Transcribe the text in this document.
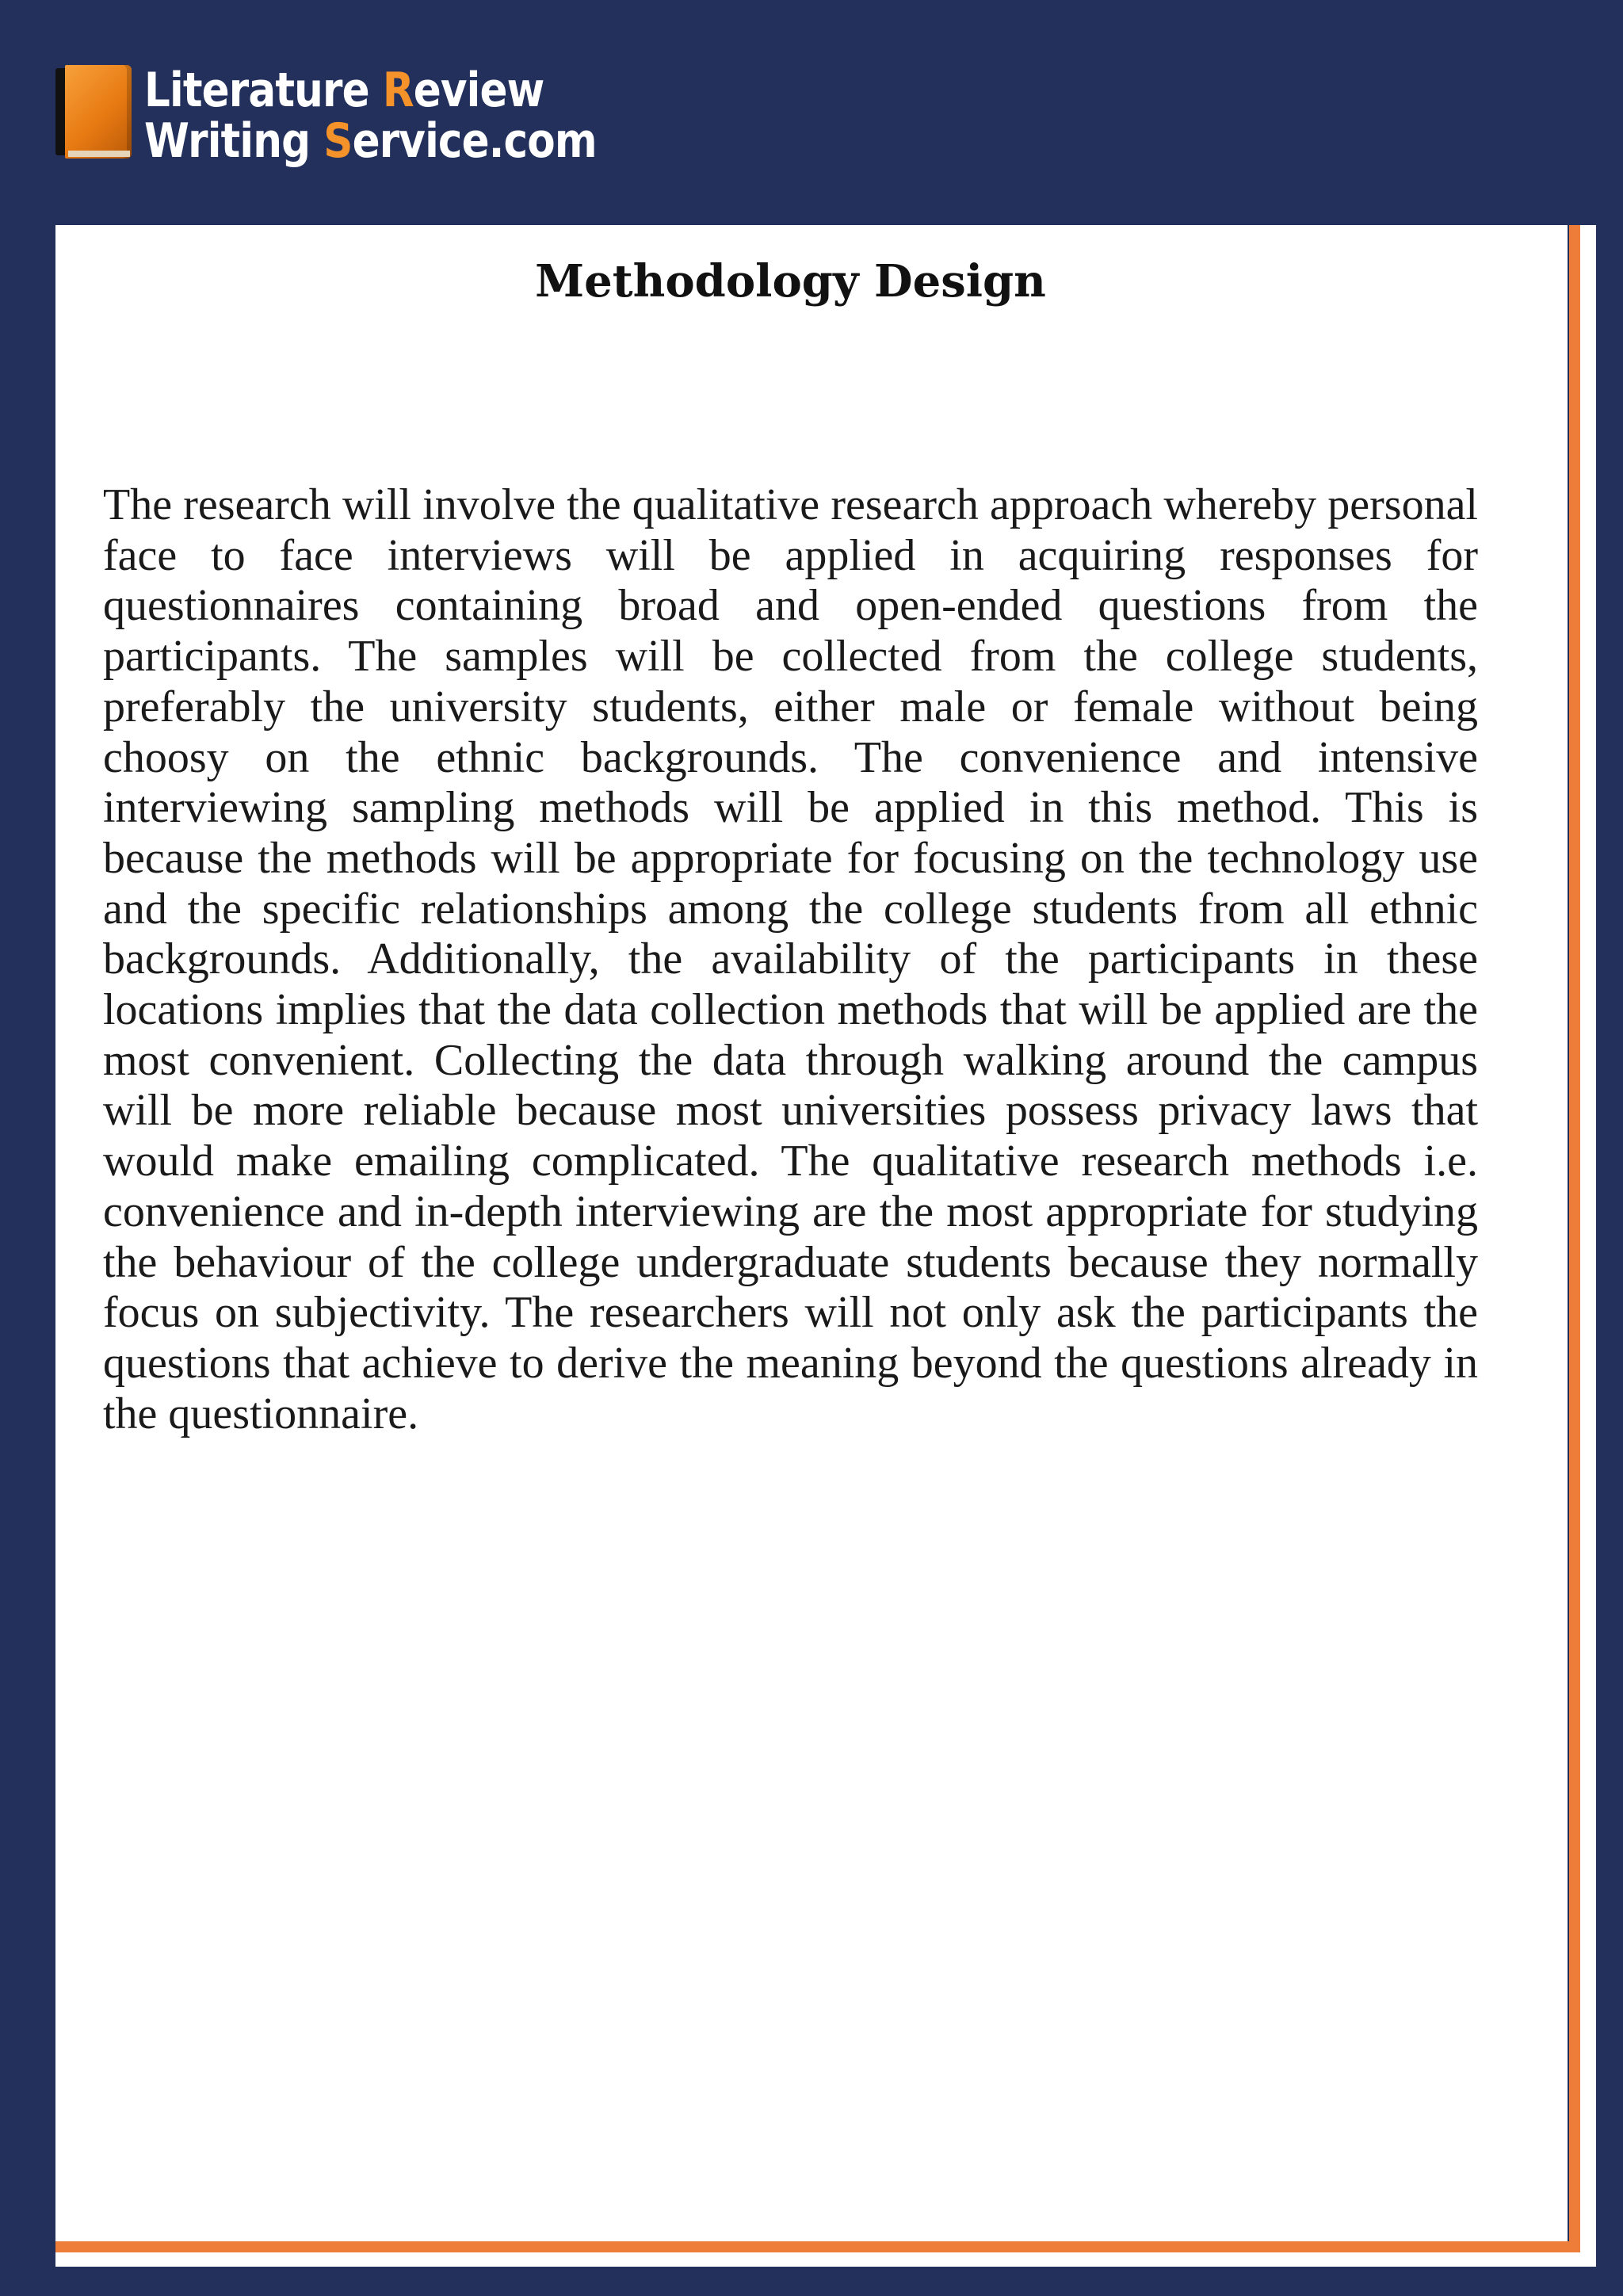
Literature Review
Writing Service.com
Methodology Design

The research will involve the qualitative research approach whereby personal face to face interviews will be applied in acquiring responses for questionnaires containing broad and open-ended questions from the participants. The samples will be collected from the college students, preferably the university students, either male or female without being choosy on the ethnic backgrounds. The convenience and intensive interviewing sampling methods will be applied in this method. This is because the methods will be appropriate for focusing on the technology use and the specific relationships among the college students from all ethnic backgrounds. Additionally, the availability of the participants in these locations implies that the data collection methods that will be applied are the most convenient. Collecting the data through walking around the campus will be more reliable because most universities possess privacy laws that would make emailing complicated. The qualitative research methods i.e. convenience and in-depth interviewing are the most appropriate for studying the behaviour of the college undergraduate students because they normally focus on subjectivity. The researchers will not only ask the participants the questions that achieve to derive the meaning beyond the questions already in the questionnaire.
